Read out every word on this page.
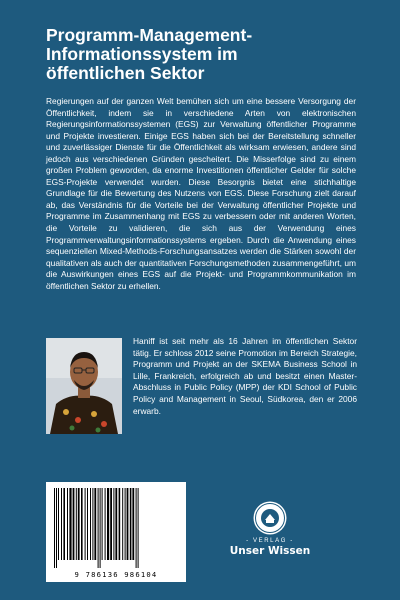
Programm-Management-
Informationssystem im
öffentlichen Sektor

Regierungen auf der ganzen Welt bemühen sich um eine bessere Versorgung der Öffentlichkeit, indem sie in verschiedene Arten von elektronischen Regierungsinformationssystemen (EGS) zur Verwaltung öffentlicher Programme und Projekte investieren. Einige EGS haben sich bei der Bereitstellung schneller und zuverlässiger Dienste für die Öffentlichkeit als wirksam erwiesen, andere sind jedoch aus verschiedenen Gründen gescheitert. Die Misserfolge sind zu einem großen Problem geworden, da enorme Investitionen öffentlicher Gelder für solche EGS-Projekte verwendet wurden. Diese Besorgnis bietet eine stichhaltige Grundlage für die Bewertung des Nutzens von EGS. Diese Forschung zielt darauf ab, das Verständnis für die Vorteile bei der Verwaltung öffentlicher Projekte und Programme im Zusammenhang mit EGS zu verbessern oder mit anderen Worten, die Vorteile zu validieren, die sich aus der Verwendung eines Programmverwaltungsinformationssystems ergeben. Durch die Anwendung eines sequenziellen Mixed-Methods-Forschungsansatzes werden die Stärken sowohl der qualitativen als auch der quantitativen Forschungsmethoden zusammengeführt, um die Auswirkungen eines EGS auf die Projekt- und Programmkommunikation im öffentlichen Sektor zu erhellen.

Haniff ist seit mehr als 16 Jahren im öffentlichen Sektor tätig. Er schloss 2012 seine Promotion im Bereich Strategie, Programm und Projekt an der SKEMA Business School in Lille, Frankreich, erfolgreich ab und besitzt einen Master-Abschluss in Public Policy (MPP) der KDI School of Public Policy and Management in Seoul, Südkorea, den er 2006 erwarb.

9 786136 986104
- VERLAG -
Unser Wissen
